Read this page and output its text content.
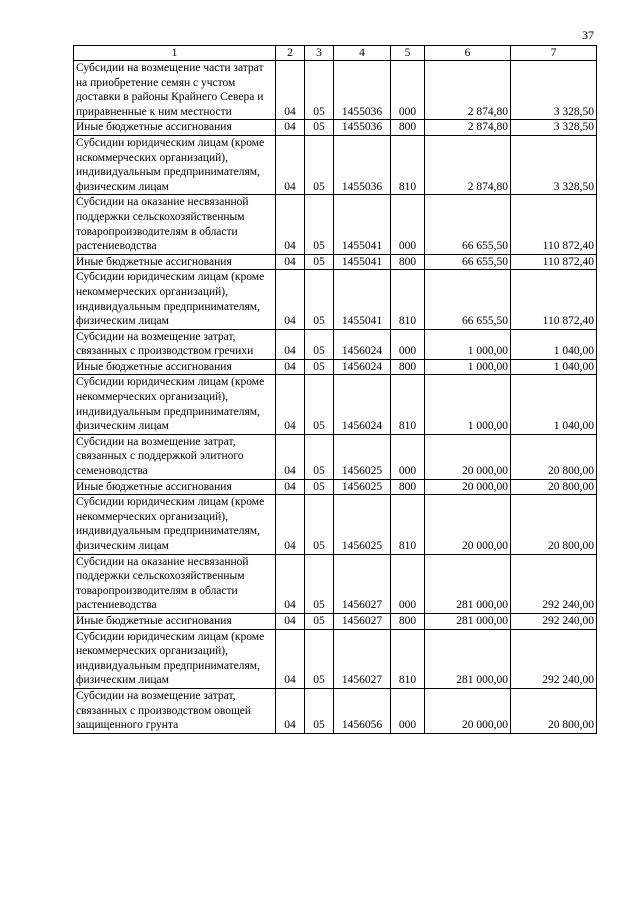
37
1	2	3	4	5	6	7
Субсидии на возмещение части затрат на приобретение семян с учстом доставки в районы Крайнего Севера и приравненные к ним местности	04	05	1455036	000	2 874,80	3 328,50
Иные бюджетные ассигнования	04	05	1455036	800	2 874,80	3 328,50
Субсидии юридическим лицам (кроме нскоммерческих организаций), индивидуальным предпринимателям, физическим лицам	04	05	1455036	810	2 874,80	3 328,50
Субсидии на оказание несвязанной поддержки сельскохозяйственным товаропроизводителям в области растениеводства	04	05	1455041	000	66 655,50	110 872,40
Иные бюджетные ассигнования	04	05	1455041	800	66 655,50	110 872,40
Субсидии юридическим лицам (кроме некоммерческих организаций), индивидуальным предпринимателям, физическим лицам	04	05	1455041	810	66 655,50	110 872,40
Субсидии на возмещение затрат, связанных с производством гречихи	04	05	1456024	000	1 000,00	1 040,00
Иные бюджетные ассигнования	04	05	1456024	800	1 000,00	1 040,00
Субсидии юридическим лицам (кроме некоммерческих организаций), индивидуальным предпринимателям, физическим лицам	04	05	1456024	810	1 000,00	1 040,00
Субсидии на возмещение затрат, связанных с поддержкой элитного семеноводства	04	05	1456025	000	20 000,00	20 800,00
Иные бюджетные ассигнования	04	05	1456025	800	20 000,00	20 800,00
Субсидии юридическим лицам (кроме некоммерческих организаций), индивидуальным предпринимателям, физическим лицам	04	05	1456025	810	20 000,00	20 800,00
Субсидии на оказание несвязанной поддержки сельскохозяйственным товаропроизводителям в области растениеводства	04	05	1456027	000	281 000,00	292 240,00
Иные бюджетные ассигнования	04	05	1456027	800	281 000,00	292 240,00
Субсидии юридическим лицам (кроме некоммерческих организаций), индивидуальным предпринимателям, физическим лицам	04	05	1456027	810	281 000,00	292 240,00
Субсидии на возмещение затрат, связанных с производством овощей защищенного грунта	04	05	1456056	000	20 000,00	20 800,00
